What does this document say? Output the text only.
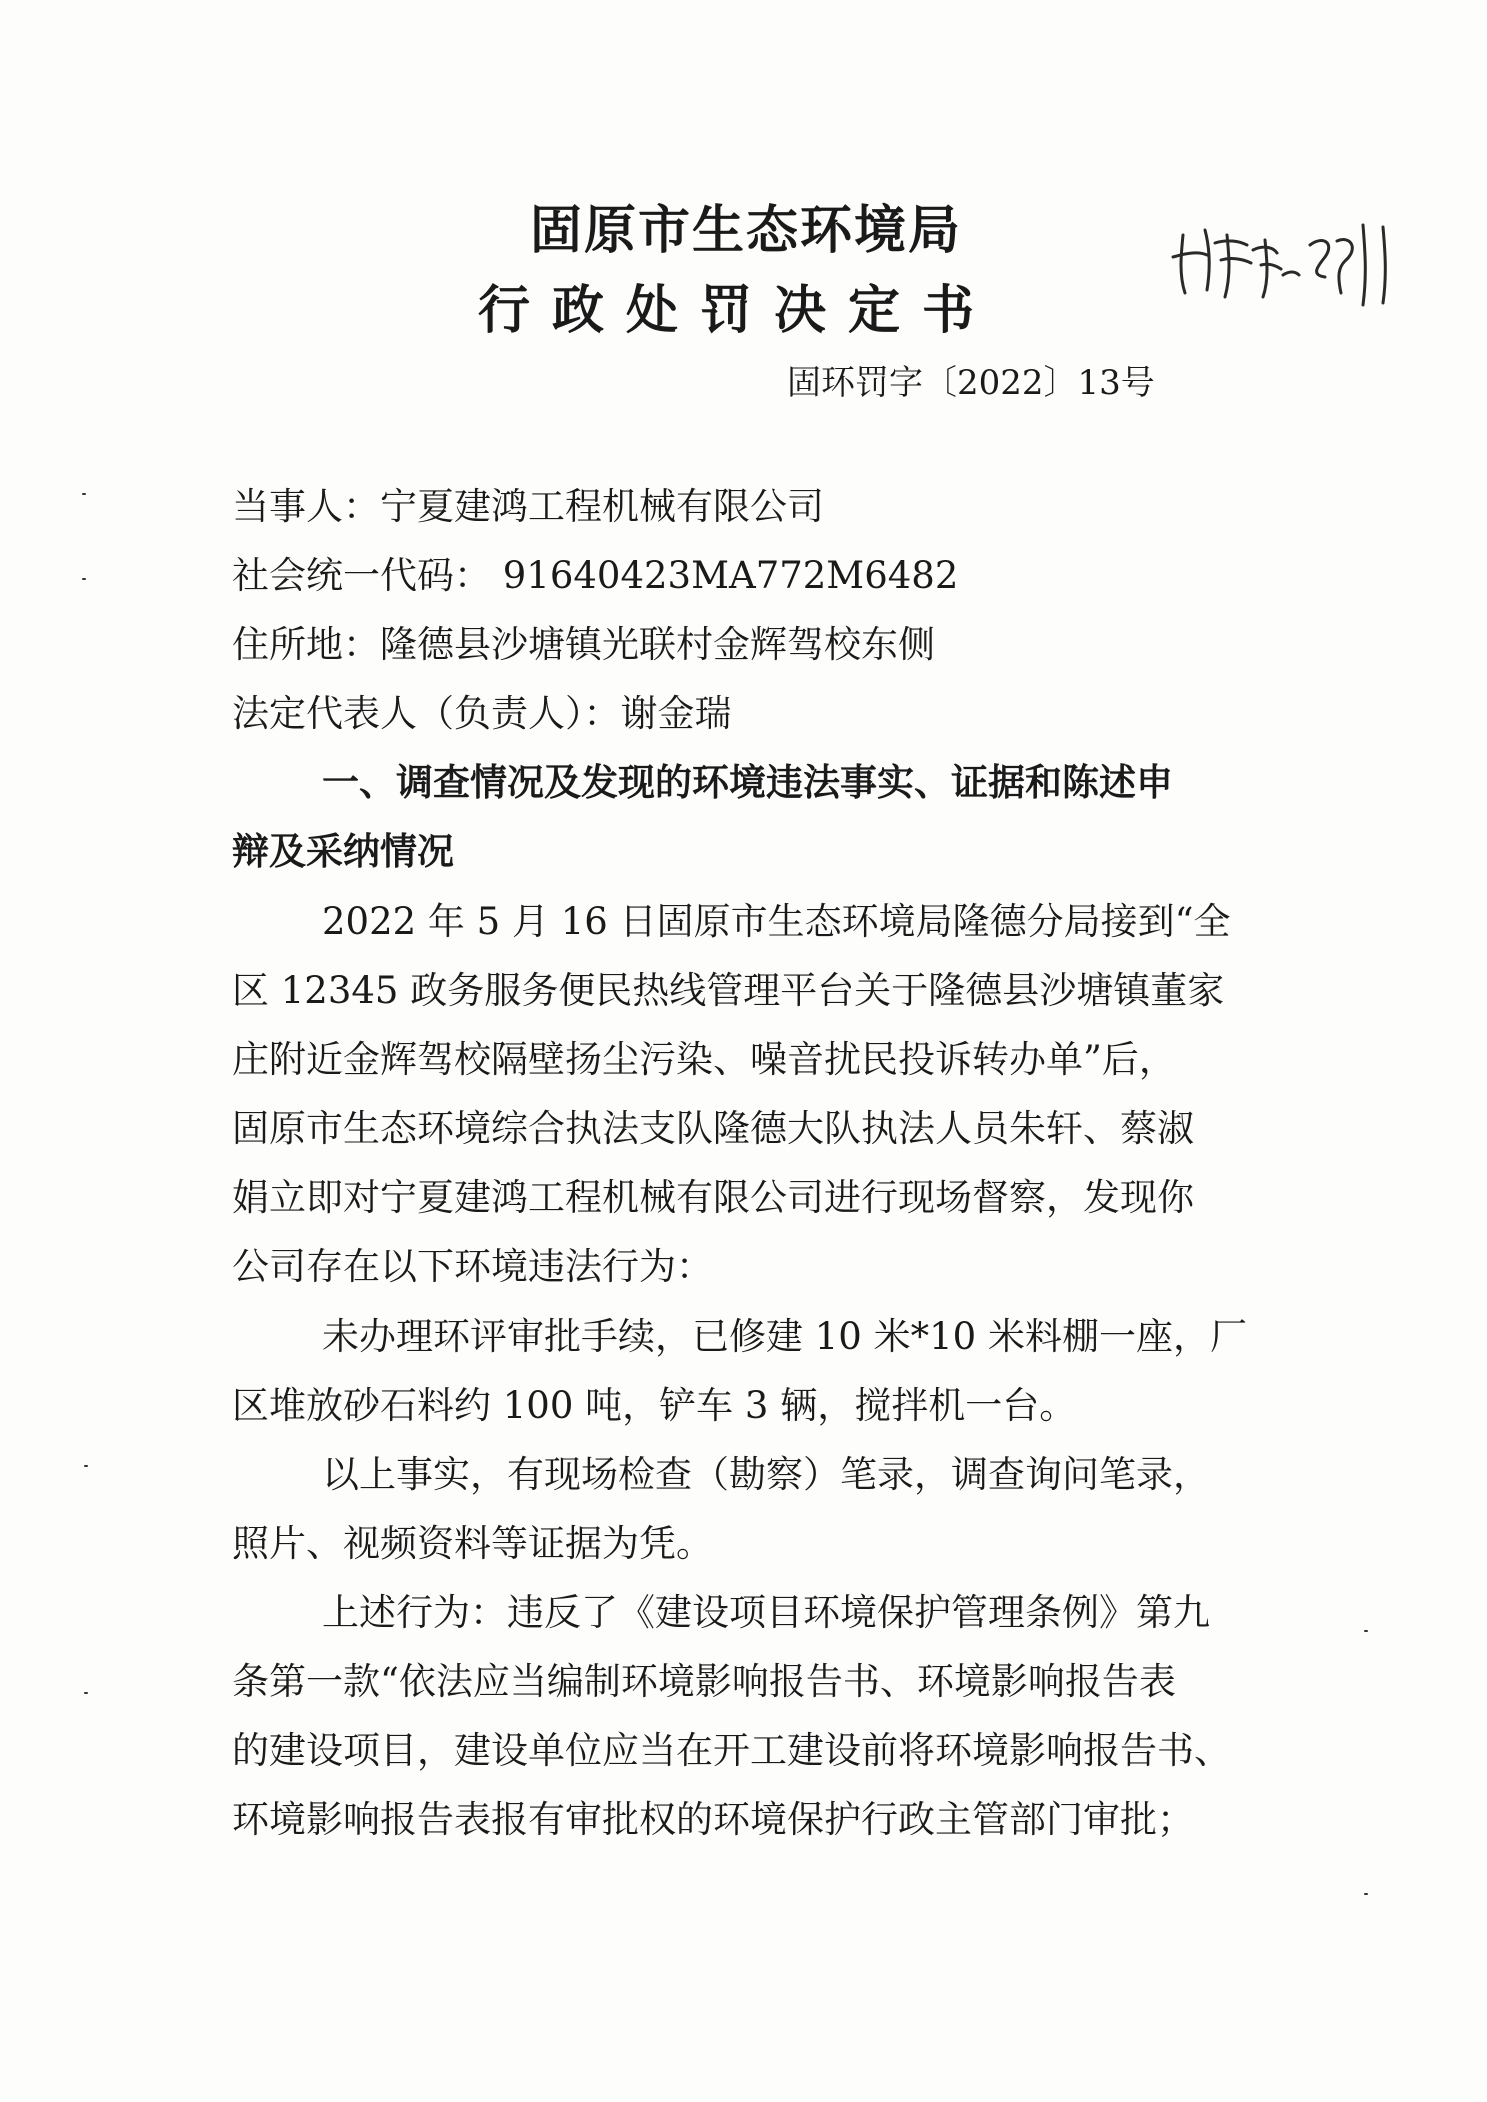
固原市生态环境局
行政处罚决定书
固环罚字〔2022〕13号
当事人：宁夏建鸿工程机械有限公司
社会统一代码： 91640423MA772M6482
住所地：隆德县沙塘镇光联村金辉驾校东侧
法定代表人（负责人）：谢金瑞
一、调查情况及发现的环境违法事实、证据和陈述申
辩及采纳情况
2022 年 5 月 16 日固原市生态环境局隆德分局接到“全
区 12345 政务服务便民热线管理平台关于隆德县沙塘镇董家
庄附近金辉驾校隔壁扬尘污染、噪音扰民投诉转办单”后，
固原市生态环境综合执法支队隆德大队执法人员朱轩、蔡淑
娟立即对宁夏建鸿工程机械有限公司进行现场督察，发现你
公司存在以下环境违法行为：
未办理环评审批手续，已修建 10 米*10 米料棚一座，厂
区堆放砂石料约 100 吨，铲车 3 辆，搅拌机一台。
以上事实，有现场检查（勘察）笔录，调查询问笔录，
照片、视频资料等证据为凭。
上述行为：违反了《建设项目环境保护管理条例》第九
条第一款“依法应当编制环境影响报告书、环境影响报告表
的建设项目，建设单位应当在开工建设前将环境影响报告书、
环境影响报告表报有审批权的环境保护行政主管部门审批；
